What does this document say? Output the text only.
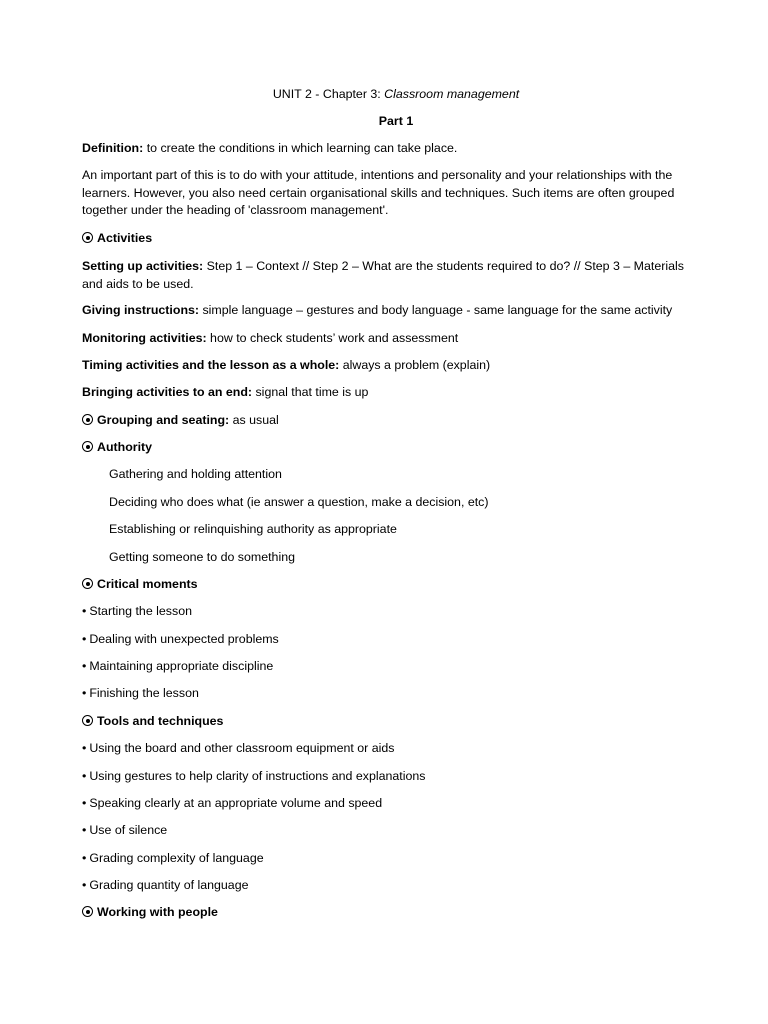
UNIT 2 - Chapter 3: Classroom management
Part 1
Definition: to create the conditions in which learning can take place.
An important part of this is to do with your attitude, intentions and personality and your relationships with the learners. However, you also need certain organisational skills and techniques. Such items are often grouped together under the heading of 'classroom management'.
Activities
Setting up activities: Step 1 – Context // Step 2 – What are the students required to do? // Step 3 – Materials and aids to be used.
Giving instructions: simple language – gestures and body language - same language for the same activity
Monitoring activities: how to check students’ work and assessment
Timing activities and the lesson as a whole: always a problem (explain)
Bringing activities to an end: signal that time is up
Grouping and seating: as usual
Authority
Gathering and holding attention
Deciding who does what (ie answer a question, make a decision, etc)
Establishing or relinquishing authority as appropriate
Getting someone to do something
Critical moments
• Starting the lesson
• Dealing with unexpected problems
• Maintaining appropriate discipline
• Finishing the lesson
Tools and techniques
• Using the board and other classroom equipment or aids
• Using gestures to help clarity of instructions and explanations
• Speaking clearly at an appropriate volume and speed
• Use of silence
• Grading complexity of language
• Grading quantity of language
Working with people
